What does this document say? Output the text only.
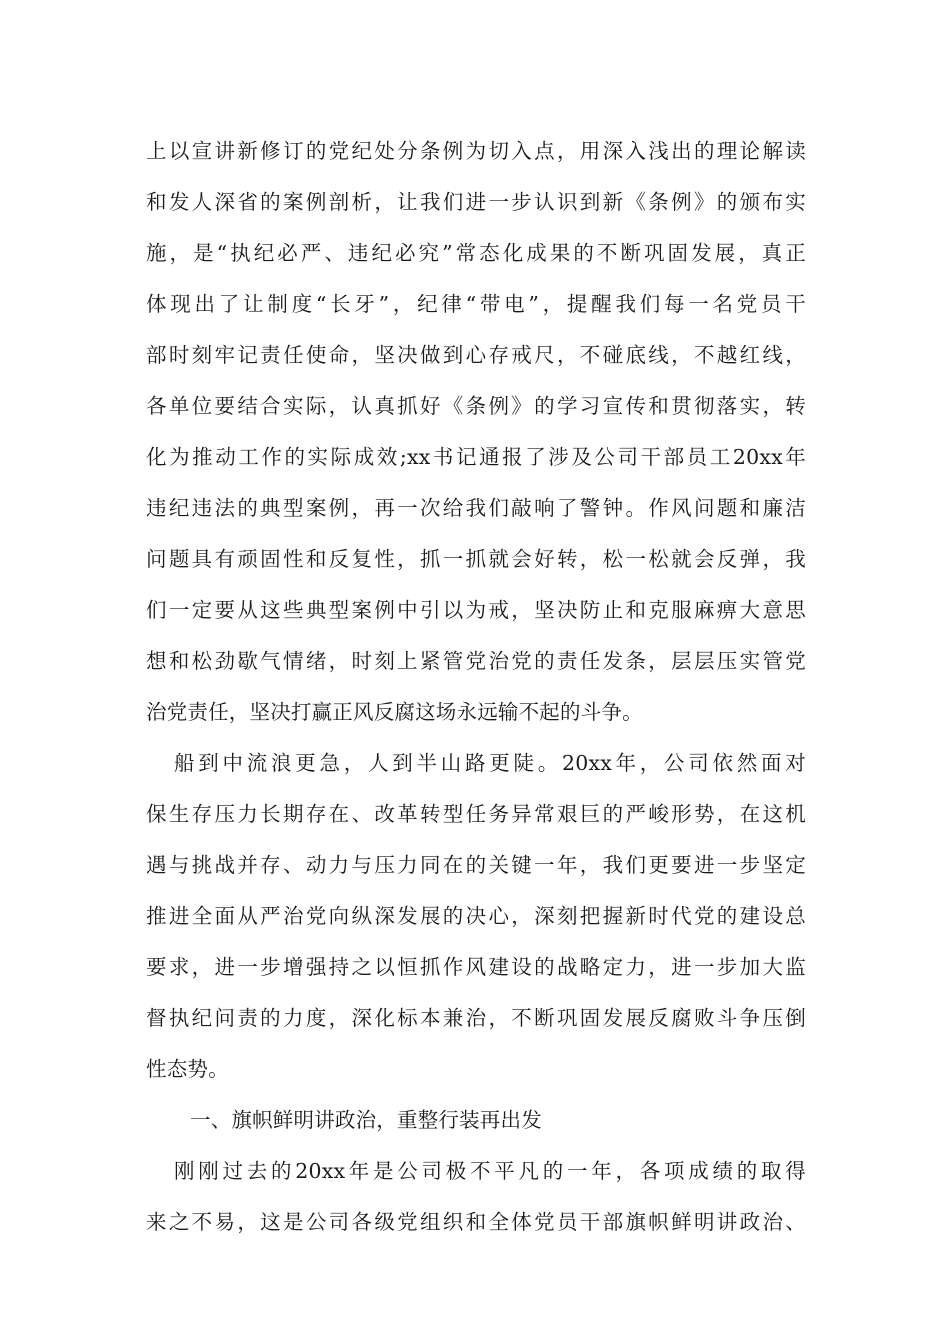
上以宣讲新修订的党纪处分条例为切入点，用深入浅出的理论解读
和发人深省的案例剖析，让我们进一步认识到新《条例》的颁布实
施，是“执纪必严、违纪必究”常态化成果的不断巩固发展，真正
体现出了让制度“长牙”，纪律“带电”，提醒我们每一名党员干
部时刻牢记责任使命，坚决做到心存戒尺，不碰底线，不越红线，
各单位要结合实际，认真抓好《条例》的学习宣传和贯彻落实，转
化为推动工作的实际成效;xx书记通报了涉及公司干部员工20xx年
违纪违法的典型案例，再一次给我们敲响了警钟。作风问题和廉洁
问题具有顽固性和反复性，抓一抓就会好转，松一松就会反弹，我
们一定要从这些典型案例中引以为戒，坚决防止和克服麻痹大意思
想和松劲歇气情绪，时刻上紧管党治党的责任发条，层层压实管党
治党责任，坚决打赢正风反腐这场永远输不起的斗争。
船到中流浪更急，人到半山路更陡。20xx年，公司依然面对
保生存压力长期存在、改革转型任务异常艰巨的严峻形势，在这机
遇与挑战并存、动力与压力同在的关键一年，我们更要进一步坚定
推进全面从严治党向纵深发展的决心，深刻把握新时代党的建设总
要求，进一步增强持之以恒抓作风建设的战略定力，进一步加大监
督执纪问责的力度，深化标本兼治，不断巩固发展反腐败斗争压倒
性态势。
一、旗帜鲜明讲政治，重整行装再出发
刚刚过去的20xx年是公司极不平凡的一年，各项成绩的取得
来之不易，这是公司各级党组织和全体党员干部旗帜鲜明讲政治、
